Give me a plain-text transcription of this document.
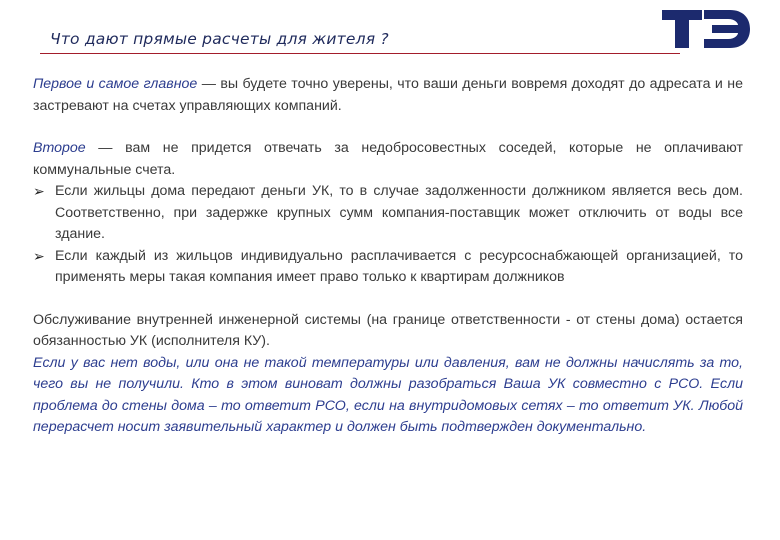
Что дают прямые расчеты для жителя ?

Первое и самое главное — вы будете точно уверены, что ваши деньги вовремя доходят до адресата и не застревают на счетах управляющих компаний.

Второе — вам не придется отвечать за недобросовестных соседей, которые не оплачивают коммунальные счета.

➢ Если жильцы дома передают деньги УК, то в случае задолженности должником является весь дом. Соответственно, при задержке крупных сумм компания-поставщик может отключить от воды все здание.
➢ Если каждый из жильцов индивидуально расплачивается с ресурсоснабжающей организацией, то применять меры такая компания имеет право только к квартирам должников

Обслуживание внутренней инженерной системы (на границе ответственности - от стены дома) остается обязанностью УК (исполнителя КУ).

Если у вас нет воды, или она не такой температуры или давления, вам не должны начислять за то, чего вы не получили. Кто в этом виноват должны разобраться Ваша УК совместно с РСО. Если проблема до стены дома – то ответит РСО, если на внутридомовых сетях – то ответит УК. Любой перерасчет носит заявительный характер и должен быть подтвержден документально.
